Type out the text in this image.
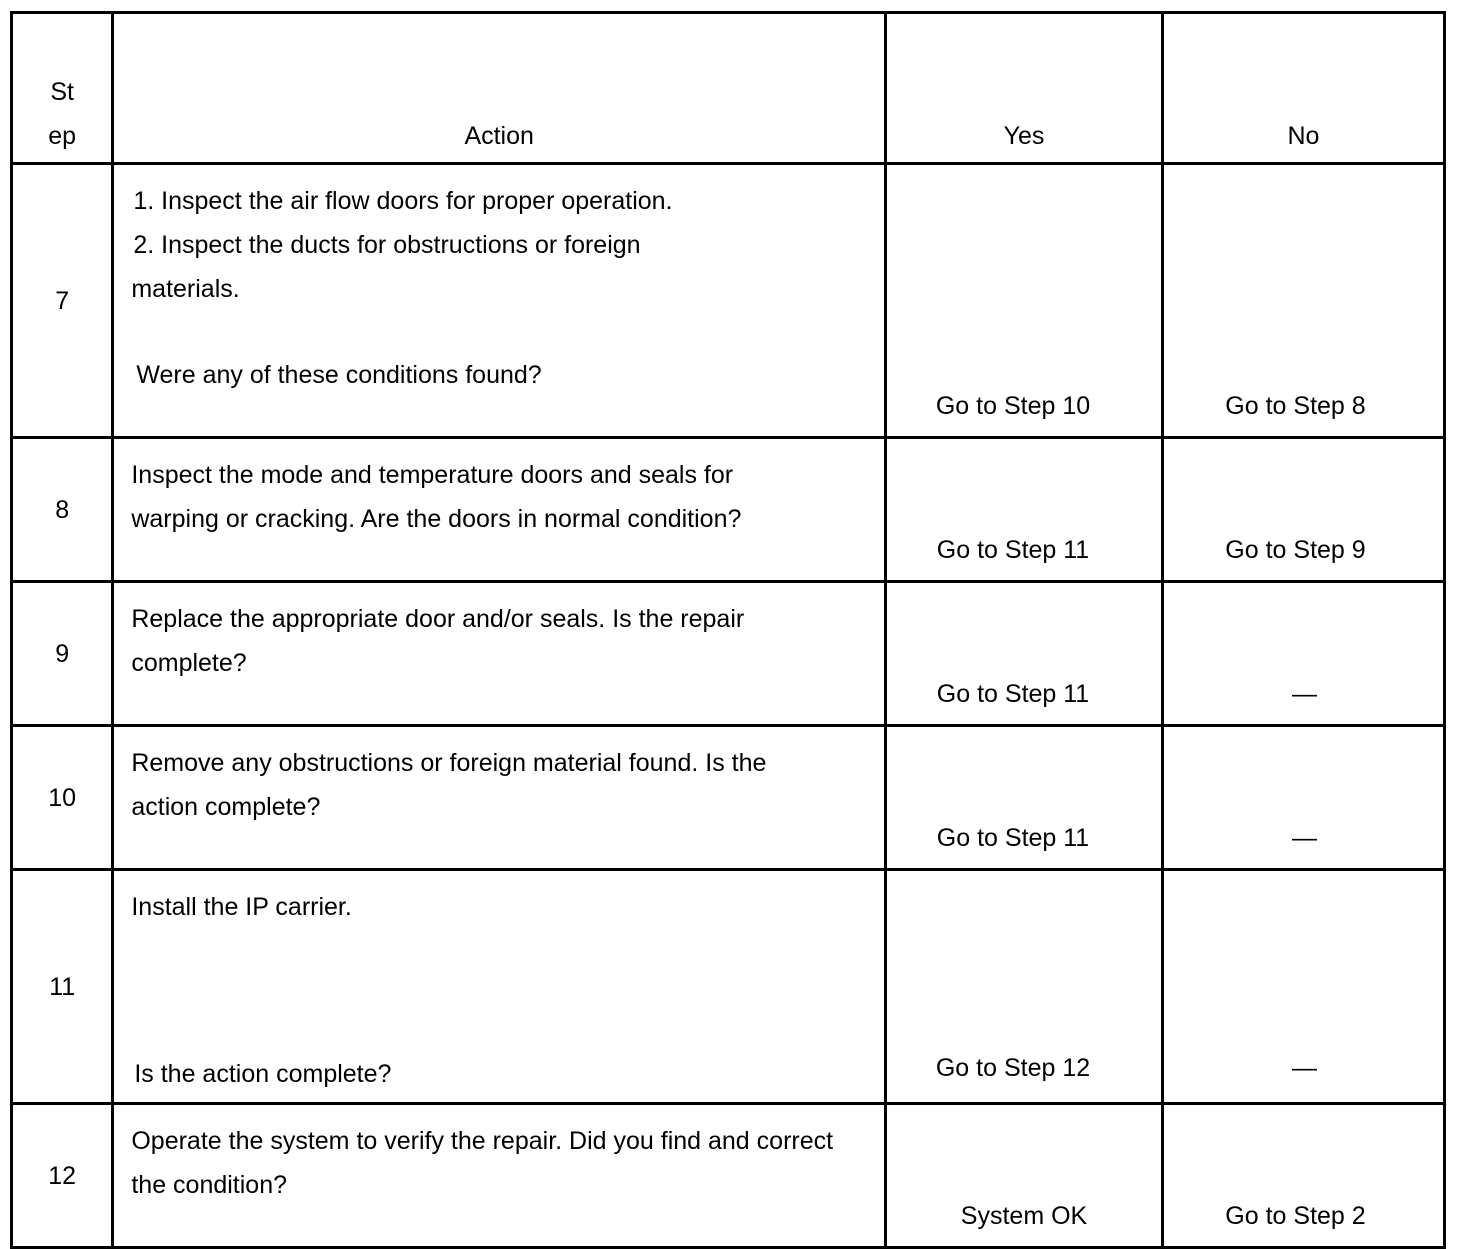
St
ep	Action	Yes	No
7	1. Inspect the air flow doors for proper operation.
2. Inspect the ducts for obstructions or foreign
materials.
Were any of these conditions found?	Go to Step 10	Go to Step 8

8	Inspect the mode and temperature doors and seals for warping or cracking. Are the doors in normal condition?	Go to Step 11	Go to Step 9

9	Replace the appropriate door and/or seals. Is the repair complete?	Go to Step 11	—

10	Remove any obstructions or foreign material found. Is the action complete?	Go to Step 11	—

11	Install the IP carrier.
Is the action complete?	Go to Step 12	—

12	Operate the system to verify the repair. Did you find and correct the condition?	System OK	Go to Step 2
